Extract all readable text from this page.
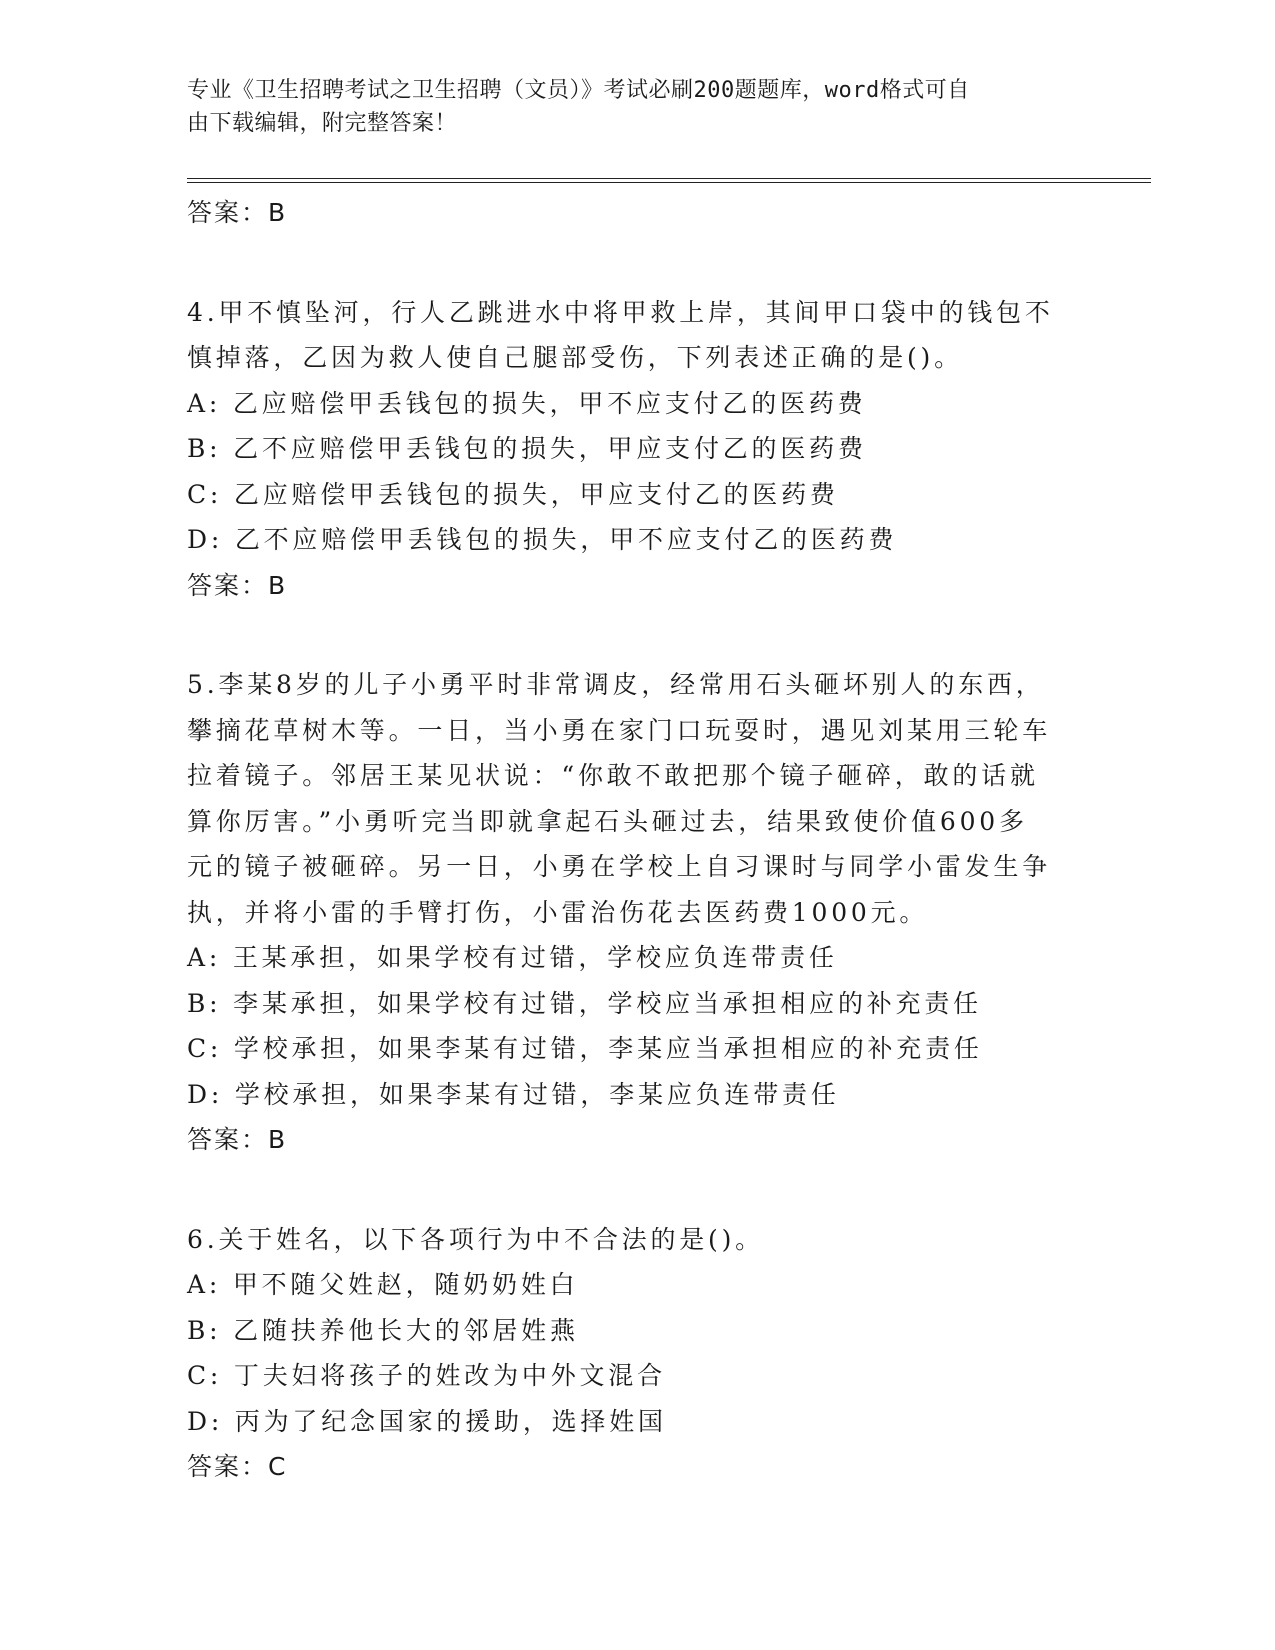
专业《卫生招聘考试之卫生招聘（文员）》考试必刷200题题库，word格式可自
由下载编辑，附完整答案！
答案：B
4.甲不慎坠河，行人乙跳进水中将甲救上岸，其间甲口袋中的钱包不
慎掉落，乙因为救人使自己腿部受伤，下列表述正确的是()。
A: 乙应赔偿甲丢钱包的损失，甲不应支付乙的医药费
B: 乙不应赔偿甲丢钱包的损失，甲应支付乙的医药费
C: 乙应赔偿甲丢钱包的损失，甲应支付乙的医药费
D: 乙不应赔偿甲丢钱包的损失，甲不应支付乙的医药费
答案：B
5.李某8岁的儿子小勇平时非常调皮，经常用石头砸坏别人的东西，
攀摘花草树木等。一日，当小勇在家门口玩耍时，遇见刘某用三轮车
拉着镜子。邻居王某见状说：“你敢不敢把那个镜子砸碎，敢的话就
算你厉害。”小勇听完当即就拿起石头砸过去，结果致使价值600多
元的镜子被砸碎。另一日，小勇在学校上自习课时与同学小雷发生争
执，并将小雷的手臂打伤，小雷治伤花去医药费1000元。
A: 王某承担，如果学校有过错，学校应负连带责任
B: 李某承担，如果学校有过错，学校应当承担相应的补充责任
C: 学校承担，如果李某有过错，李某应当承担相应的补充责任
D: 学校承担，如果李某有过错，李某应负连带责任
答案：B
6.关于姓名，以下各项行为中不合法的是()。
A: 甲不随父姓赵，随奶奶姓白
B: 乙随扶养他长大的邻居姓燕
C: 丁夫妇将孩子的姓改为中外文混合
D: 丙为了纪念国家的援助，选择姓国
答案：C
